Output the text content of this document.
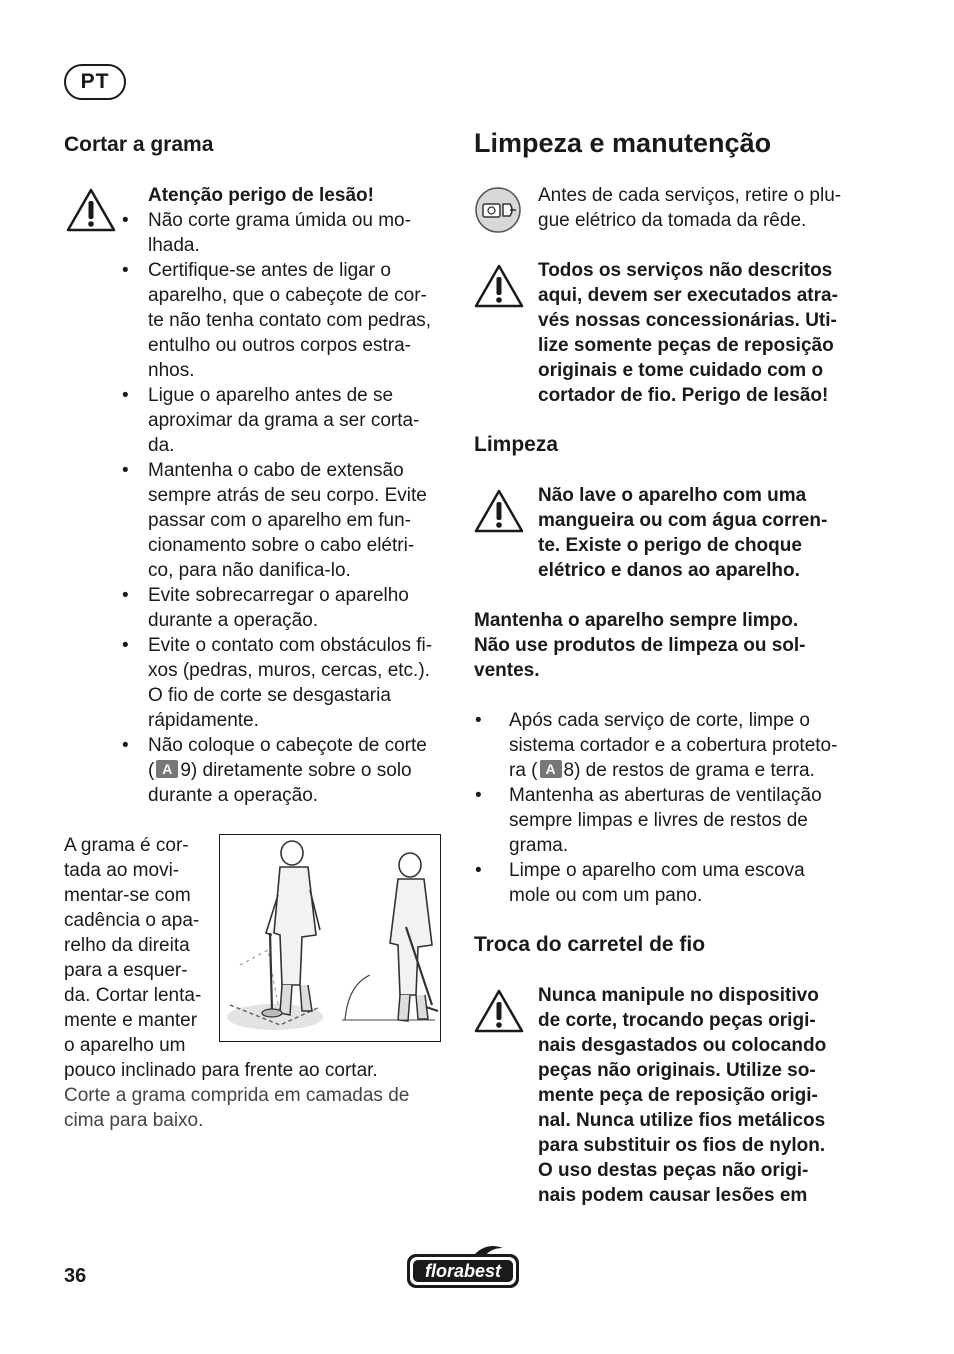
PT
Cortar a grama
Atenção perigo de lesão!
• Não corte grama úmida ou mo-
lhada.
• Certifique-se antes de ligar o
aparelho, que o cabeçote de cor-
te não tenha contato com pedras,
entulho ou outros corpos estra-
nhos.
• Ligue o aparelho antes de se
aproximar da grama a ser corta-
da.
• Mantenha o cabo de extensão
sempre atrás de seu corpo. Evite
passar com o aparelho em fun-
cionamento sobre o cabo elétri-
co, para não danifica-lo.
• Evite sobrecarregar o aparelho
durante a operação.
• Evite o contato com obstáculos fi-
xos (pedras, muros, cercas, etc.).
O fio de corte se desgastaria
rápidamente.
• Não coloque o cabeçote de corte
( A 9) diretamente sobre o solo
durante a operação.
A grama é cor-
tada ao movi-
mentar-se com
cadência o apa-
relho da direita
para a esquer-
da. Cortar lenta-
mente e manter
o aparelho um
pouco inclinado para frente ao cortar.
Corte a grama comprida em camadas de
cima para baixo.
Limpeza e manutenção
Antes de cada serviços, retire o plu-
gue elétrico da tomada da rêde.
Todos os serviços não descritos
aqui, devem ser executados atra-
vés nossas concessionárias. Uti-
lize somente peças de reposição
originais e tome cuidado com o
cortador de fio. Perigo de lesão!
Limpeza
Não lave o aparelho com uma
mangueira ou com água corren-
te. Existe o perigo de choque
elétrico e danos ao aparelho.
Mantenha o aparelho sempre limpo.
Não use produtos de limpeza ou sol-
ventes.
• Após cada serviço de corte, limpe o
sistema cortador e a cobertura proteto-
ra ( A 8) de restos de grama e terra.
• Mantenha as aberturas de ventilação
sempre limpas e livres de restos de
grama.
• Limpe o aparelho com uma escova
mole ou com um pano.
Troca do carretel de fio
Nunca manipule no dispositivo
de corte, trocando peças origi-
nais desgastados ou colocando
peças não originais. Utilize so-
mente peça de reposição origi-
nal. Nunca utilize fios metálicos
para substituir os fios de nylon.
O uso destas peças não origi-
nais podem causar lesões em
36	florabest
